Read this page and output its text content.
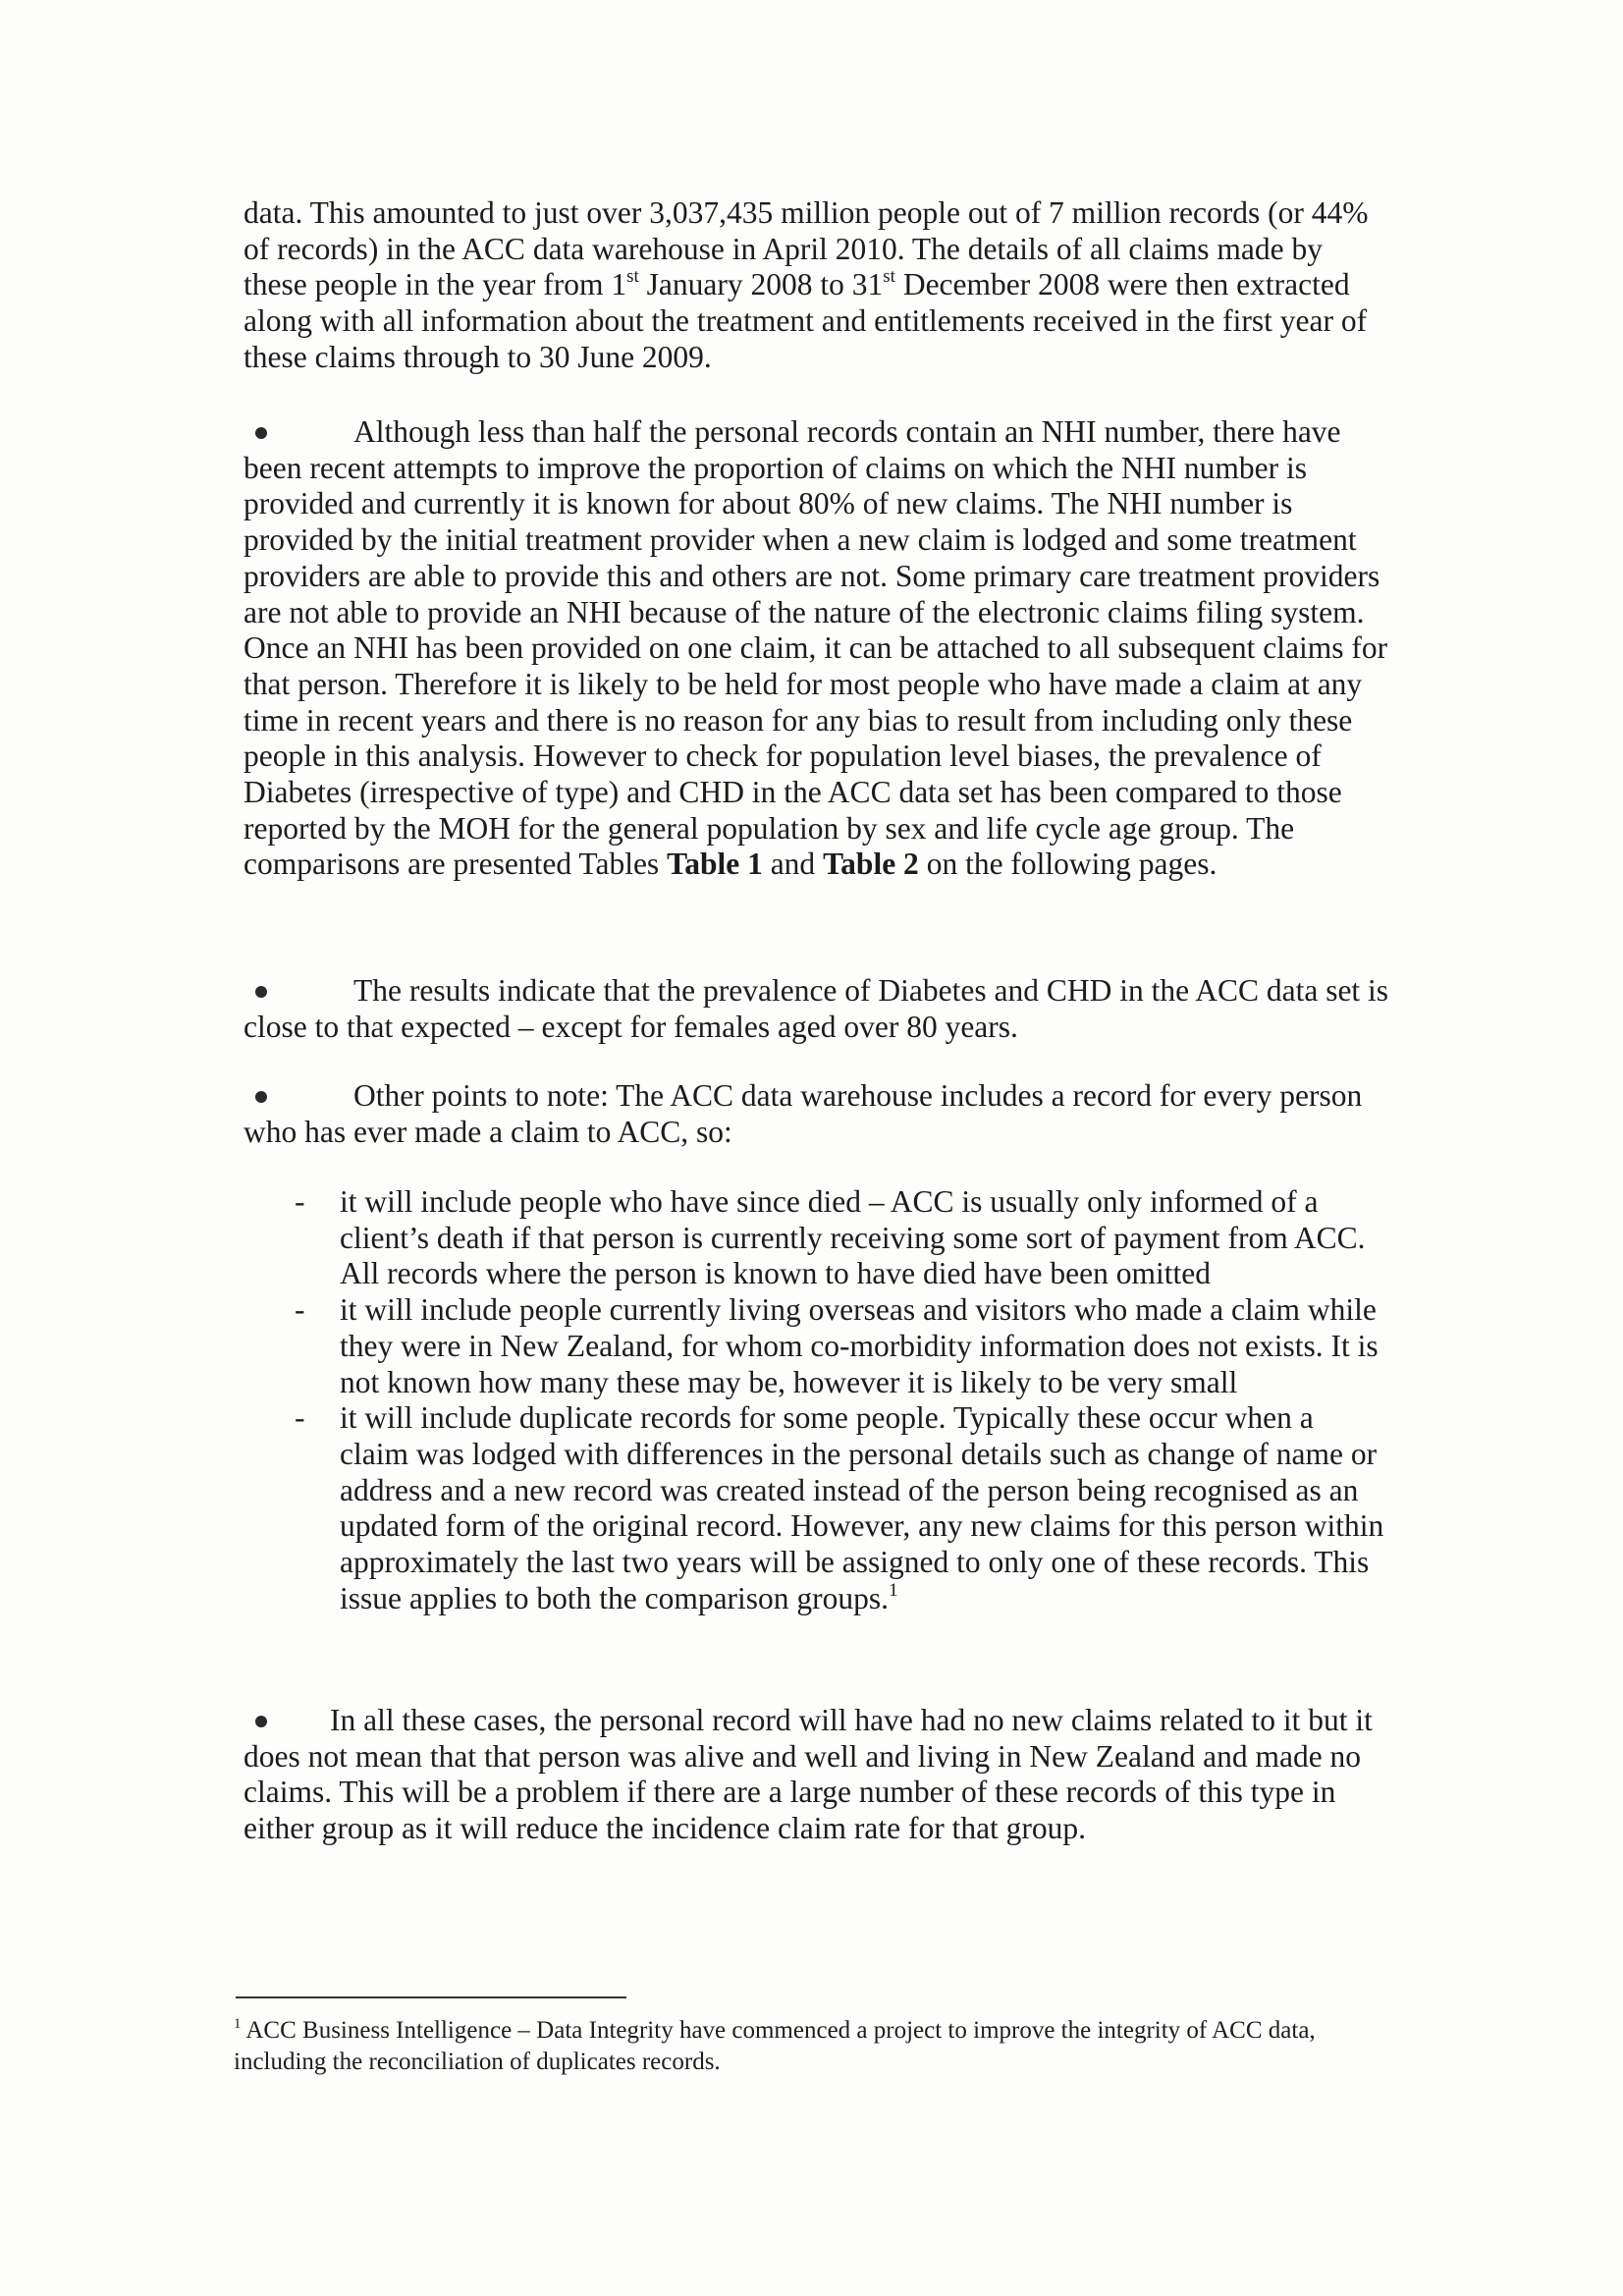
data. This amounted to just over 3,037,435 million people out of 7 million records (or 44% of records) in the ACC data warehouse in April 2010. The details of all claims made by these people in the year from 1st January 2008 to 31st December 2008 were then extracted along with all information about the treatment and entitlements received in the first year of these claims through to 30 June 2009.

Although less than half the personal records contain an NHI number, there have been recent attempts to improve the proportion of claims on which the NHI number is provided and currently it is known for about 80% of new claims. The NHI number is provided by the initial treatment provider when a new claim is lodged and some treatment providers are able to provide this and others are not. Some primary care treatment providers are not able to provide an NHI because of the nature of the electronic claims filing system. Once an NHI has been provided on one claim, it can be attached to all subsequent claims for that person. Therefore it is likely to be held for most people who have made a claim at any time in recent years and there is no reason for any bias to result from including only these people in this analysis. However to check for population level biases, the prevalence of Diabetes (irrespective of type) and CHD in the ACC data set has been compared to those reported by the MOH for the general population by sex and life cycle age group. The comparisons are presented Tables Table 1 and Table 2 on the following pages.

The results indicate that the prevalence of Diabetes and CHD in the ACC data set is close to that expected – except for females aged over 80 years.

Other points to note: The ACC data warehouse includes a record for every person who has ever made a claim to ACC, so:

- it will include people who have since died – ACC is usually only informed of a client’s death if that person is currently receiving some sort of payment from ACC. All records where the person is known to have died have been omitted
- it will include people currently living overseas and visitors who made a claim while they were in New Zealand, for whom co-morbidity information does not exists. It is not known how many these may be, however it is likely to be very small
- it will include duplicate records for some people. Typically these occur when a claim was lodged with differences in the personal details such as change of name or address and a new record was created instead of the person being recognised as an updated form of the original record. However, any new claims for this person within approximately the last two years will be assigned to only one of these records. This issue applies to both the comparison groups.$^1$

In all these cases, the personal record will have had no new claims related to it but it does not mean that that person was alive and well and living in New Zealand and made no claims. This will be a problem if there are a large number of these records of this type in either group as it will reduce the incidence claim rate for that group.

$^1$ ACC Business Intelligence – Data Integrity have commenced a project to improve the integrity of ACC data, including the reconciliation of duplicates records.
